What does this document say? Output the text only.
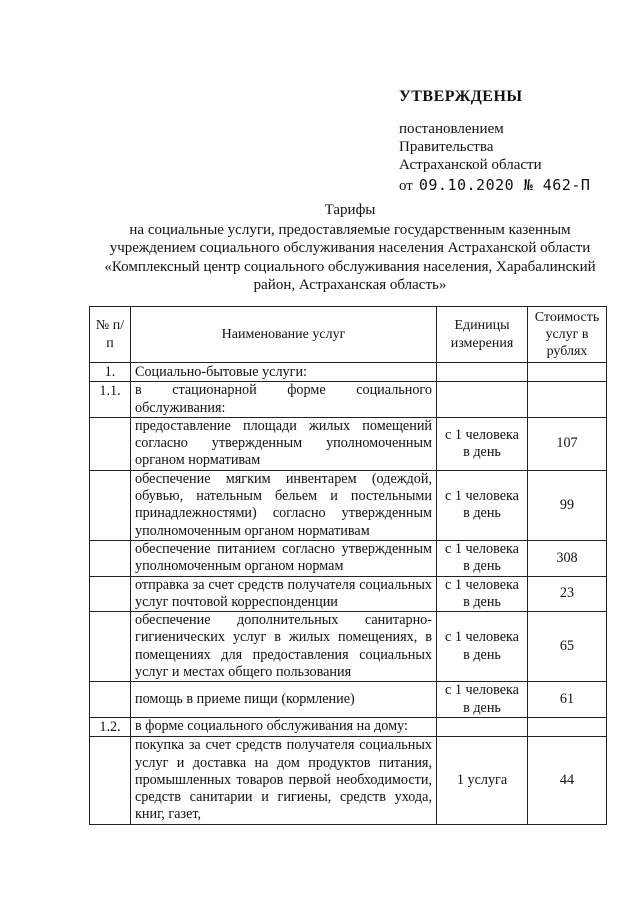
УТВЕРЖДЕНЫ
постановлением
Правительства
Астраханской области
от 09.10.2020 № 462-П
Тарифы
на социальные услуги, предоставляемые государственным казенным
учреждением социального обслуживания населения Астраханской области
«Комплексный центр социального обслуживания населения, Харабалинский
район, Астраханская область»
№ п/п	Наименование услуг	Единицы измерения	Стоимость услуг в рублях
1.	Социально-бытовые услуги:		
1.1.	в стационарной форме социального обслуживания:		
	предоставление площади жилых помещений согласно утвержденным уполномоченным органом нормативам	с 1 человека в день	107
	обеспечение мягким инвентарем (одеждой, обувью, нательным бельем и постельными принадлежностями) согласно утвержденным уполномоченным органом нормативам	с 1 человека в день	99
	обеспечение питанием согласно утвержденным уполномоченным органом нормам	с 1 человека в день	308
	отправка за счет средств получателя социальных услуг почтовой корреспонденции	с 1 человека в день	23
	обеспечение дополнительных санитарно-гигиенических услуг в жилых помещениях, в помещениях для предоставления социальных услуг и местах общего пользования	с 1 человека в день	65
	помощь в приеме пищи (кормление)	с 1 человека в день	61
1.2.	в форме социального обслуживания на дому:		
	покупка за счет средств получателя социальных услуг и доставка на дом продуктов питания, промышленных товаров первой необходимости, средств санитарии и гигиены, средств ухода, книг, газет,	1 услуга	44
